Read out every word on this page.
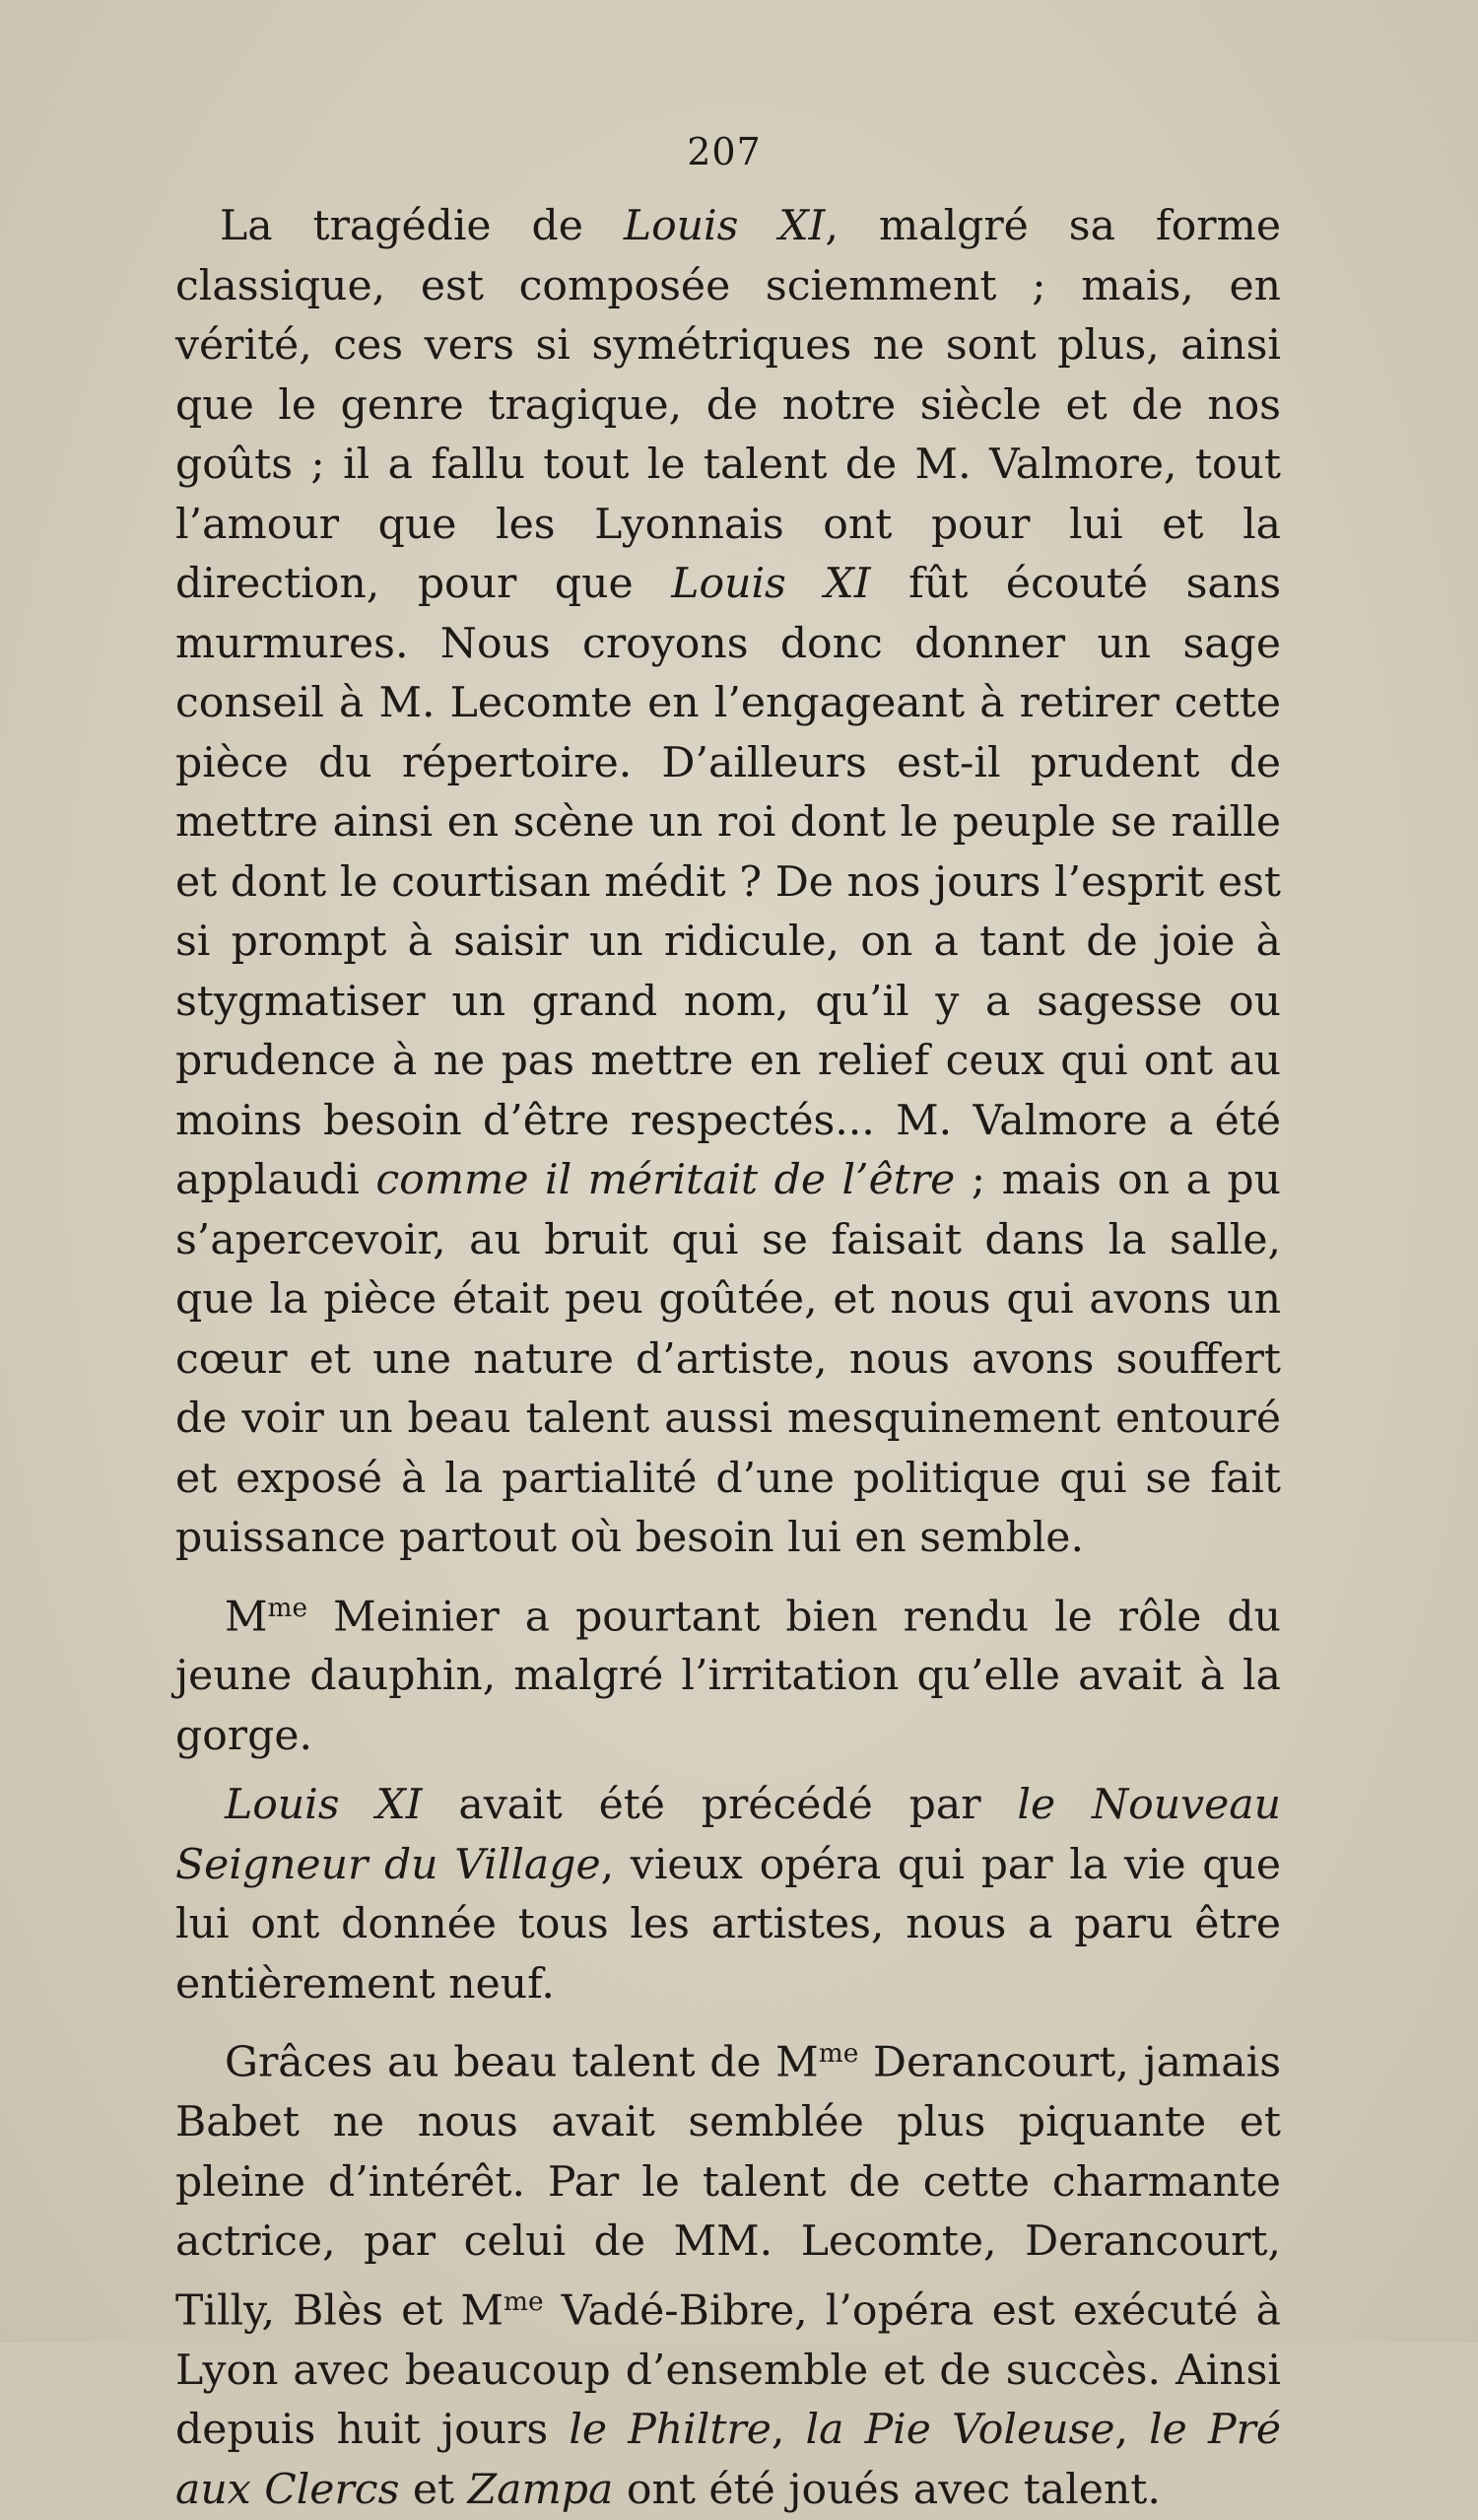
207

La tragédie de Louis XI, malgré sa forme classique, est composée sciemment ; mais, en vérité, ces vers si symétriques ne sont plus, ainsi que le genre tragique, de notre siècle et de nos goûts ; il a fallu tout le talent de M. Valmore, tout l’amour que les Lyonnais ont pour lui et la direction, pour que Louis XI fût écouté sans murmures. Nous croyons donc donner un sage conseil à M. Lecomte en l’engageant à retirer cette pièce du répertoire. D’ailleurs est-il prudent de mettre ainsi en scène un roi dont le peuple se raille et dont le courtisan médit ? De nos jours l’esprit est si prompt à saisir un ridicule, on a tant de joie à stygmatiser un grand nom, qu’il y a sagesse ou prudence à ne pas mettre en relief ceux qui ont au moins besoin d’être respectés... M. Valmore a été applaudi comme il méritait de l’être ; mais on a pu s’apercevoir, au bruit qui se faisait dans la salle, que la pièce était peu goûtée, et nous qui avons un cœur et une nature d’artiste, nous avons souffert de voir un beau talent aussi mesquinement entouré et exposé à la partialité d’une politique qui se fait puissance partout où besoin lui en semble.

$M^{me}$ Meinier a pourtant bien rendu le rôle du jeune dauphin, malgré l’irritation qu’elle avait à la gorge.

Louis XI avait été précédé par le Nouveau Seigneur du Village, vieux opéra qui par la vie que lui ont donnée tous les artistes, nous a paru être entièrement neuf.

Grâces au beau talent de $M^{me}$ Derancourt, jamais Babet ne nous avait semblée plus piquante et pleine d’intérêt. Par le talent de cette charmante actrice, par celui de MM. Lecomte, Derancourt, Tilly, Blès et $M^{me}$ Vadé-Bibre, l’opéra est exécuté à Lyon avec beaucoup d’ensemble et de succès. Ainsi depuis huit jours le Philtre, la Pie Voleuse, le Pré aux Clercs et Zampa ont été joués avec talent.
